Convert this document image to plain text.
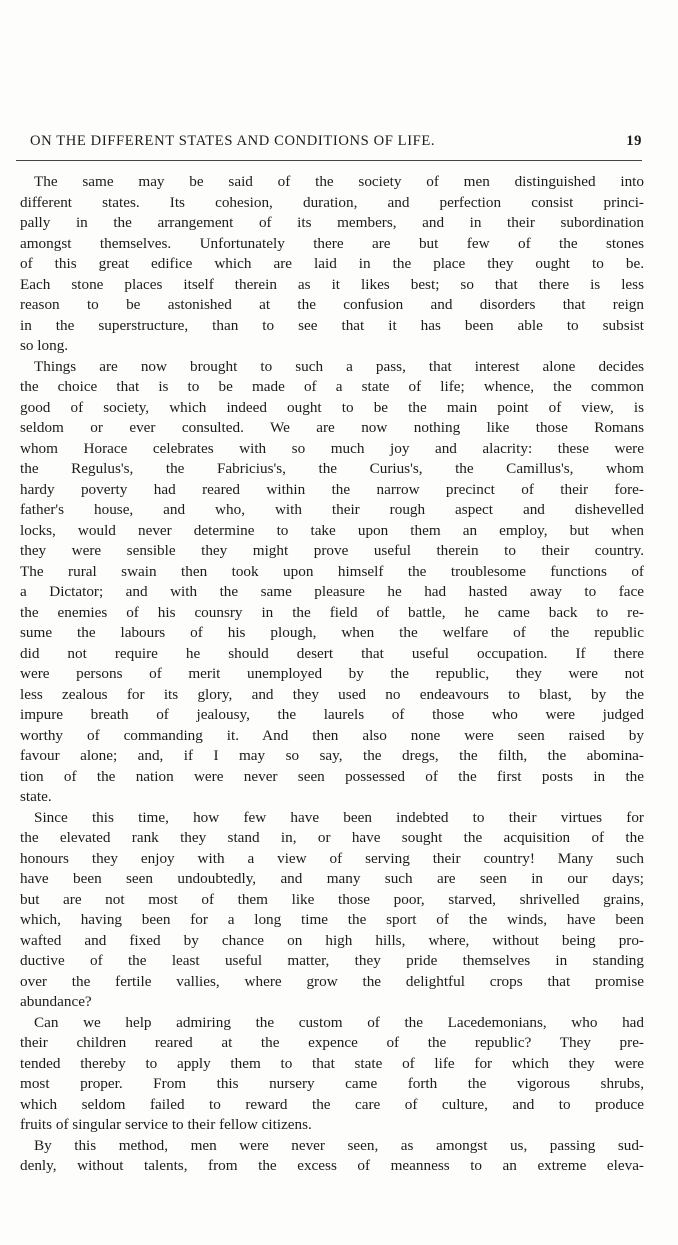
ON THE DIFFERENT STATES AND CONDITIONS OF LIFE.	19
The same may be said of the society of men distinguished into
different states. Its cohesion, duration, and perfection consist princi-
pally in the arrangement of its members, and in their subordination
amongst themselves. Unfortunately there are but few of the stones
of this great edifice which are laid in the place they ought to be.
Each stone places itself therein as it likes best; so that there is less
reason to be astonished at the confusion and disorders that reign
in the superstructure, than to see that it has been able to subsist
so long.
Things are now brought to such a pass, that interest alone decides
the choice that is to be made of a state of life; whence, the common
good of society, which indeed ought to be the main point of view, is
seldom or ever consulted. We are now nothing like those Romans
whom Horace celebrates with so much joy and alacrity: these were
the Regulus's, the Fabricius's, the Curius's, the Camillus's, whom
hardy poverty had reared within the narrow precinct of their fore-
father's house, and who, with their rough aspect and dishevelled
locks, would never determine to take upon them an employ, but when
they were sensible they might prove useful therein to their country.
The rural swain then took upon himself the troublesome functions of
a Dictator; and with the same pleasure he had hasted away to face
the enemies of his counsry in the field of battle, he came back to re-
sume the labours of his plough, when the welfare of the republic
did not require he should desert that useful occupation. If there
were persons of merit unemployed by the republic, they were not
less zealous for its glory, and they used no endeavours to blast, by the
impure breath of jealousy, the laurels of those who were judged
worthy of commanding it. And then also none were seen raised by
favour alone; and, if I may so say, the dregs, the filth, the abomina-
tion of the nation were never seen possessed of the first posts in the
state.
Since this time, how few have been indebted to their virtues for
the elevated rank they stand in, or have sought the acquisition of the
honours they enjoy with a view of serving their country! Many such
have been seen undoubtedly, and many such are seen in our days;
but are not most of them like those poor, starved, shrivelled grains,
which, having been for a long time the sport of the winds, have been
wafted and fixed by chance on high hills, where, without being pro-
ductive of the least useful matter, they pride themselves in standing
over the fertile vallies, where grow the delightful crops that promise
abundance?
Can we help admiring the custom of the Lacedemonians, who had
their children reared at the expence of the republic? They pre-
tended thereby to apply them to that state of life for which they were
most proper. From this nursery came forth the vigorous shrubs,
which seldom failed to reward the care of culture, and to produce
fruits of singular service to their fellow citizens.
By this method, men were never seen, as amongst us, passing sud-
denly, without talents, from the excess of meanness to an extreme eleva-
